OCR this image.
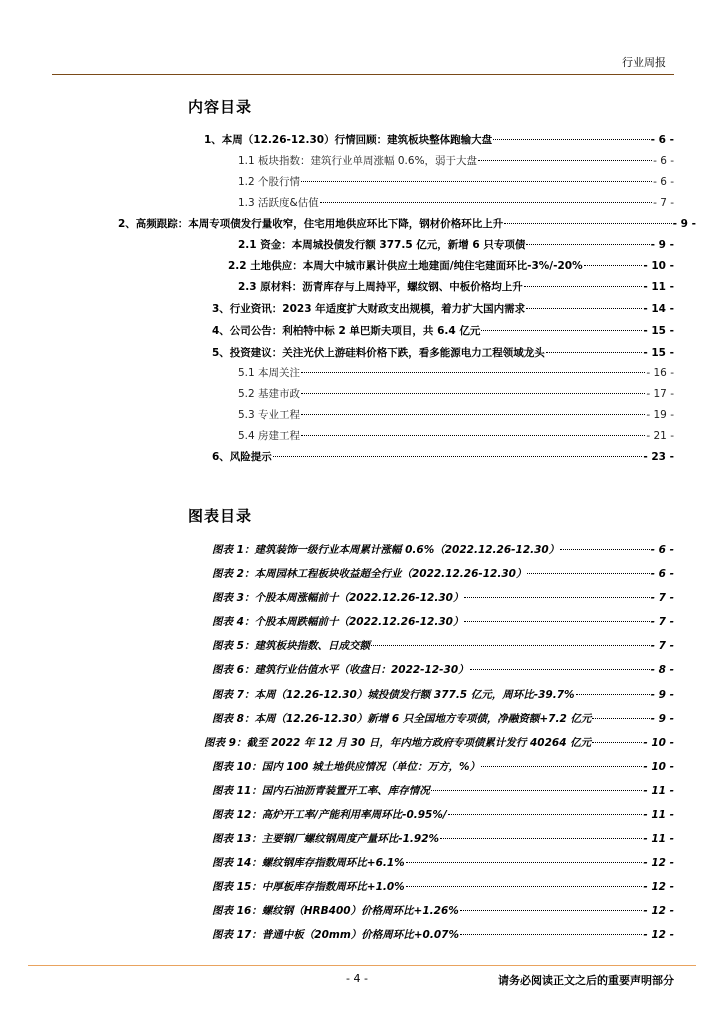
行业周报
内容目录
1、本周（12.26-12.30）行情回顾：建筑板块整体跑输大盘	- 6 -
1.1 板块指数：建筑行业单周涨幅 0.6%，弱于大盘	- 6 -
1.2 个股行情	- 6 -
1.3 活跃度&估值	- 7 -
2、高频跟踪：本周专项债发行量收窄，住宅用地供应环比下降，钢材价格环比上升	- 9 -
2.1 资金：本周城投债发行额 377.5 亿元，新增 6 只专项债	- 9 -
2.2 土地供应：本周大中城市累计供应土地建面/纯住宅建面环比-3%/-20%	- 10 -
2.3 原材料：沥青库存与上周持平，螺纹钢、中板价格均上升	- 11 -
3、行业资讯：2023 年适度扩大财政支出规模，着力扩大国内需求	- 14 -
4、公司公告：利柏特中标 2 单巴斯夫项目，共 6.4 亿元	- 15 -
5、投资建议：关注光伏上游硅料价格下跌，看多能源电力工程领域龙头	- 15 -
5.1 本周关注	- 16 -
5.2 基建市政	- 17 -
5.3 专业工程	- 19 -
5.4 房建工程	- 21 -
6、风险提示	- 23 -
图表目录
图表 1：建筑装饰一级行业本周累计涨幅 0.6%（2022.12.26-12.30）	- 6 -
图表 2：本周园林工程板块收益超全行业（2022.12.26-12.30）	- 6 -
图表 3：个股本周涨幅前十（2022.12.26-12.30）	- 7 -
图表 4：个股本周跌幅前十（2022.12.26-12.30）	- 7 -
图表 5：建筑板块指数、日成交额	- 7 -
图表 6：建筑行业估值水平（收盘日：2022-12-30）	- 8 -
图表 7：本周（12.26-12.30）城投债发行额 377.5 亿元，周环比-39.7%	- 9 -
图表 8：本周（12.26-12.30）新增 6 只全国地方专项债，净融资额+7.2 亿元	- 9 -
图表 9：截至 2022 年 12 月 30 日，年内地方政府专项债累计发行 40264 亿元	- 10 -
图表 10：国内 100 城土地供应情况（单位：万方，%）	- 10 -
图表 11：国内石油沥青装置开工率、库存情况	- 11 -
图表 12：高炉开工率/产能利用率周环比-0.95%/	- 11 -
图表 13：主要钢厂螺纹钢周度产量环比-1.92%	- 11 -
图表 14：螺纹钢库存指数周环比+6.1%	- 12 -
图表 15：中厚板库存指数周环比+1.0%	- 12 -
图表 16：螺纹钢（HRB400）价格周环比+1.26%	- 12 -
图表 17：普通中板（20mm）价格周环比+0.07%	- 12 -
- 4 -	请务必阅读正文之后的重要声明部分
